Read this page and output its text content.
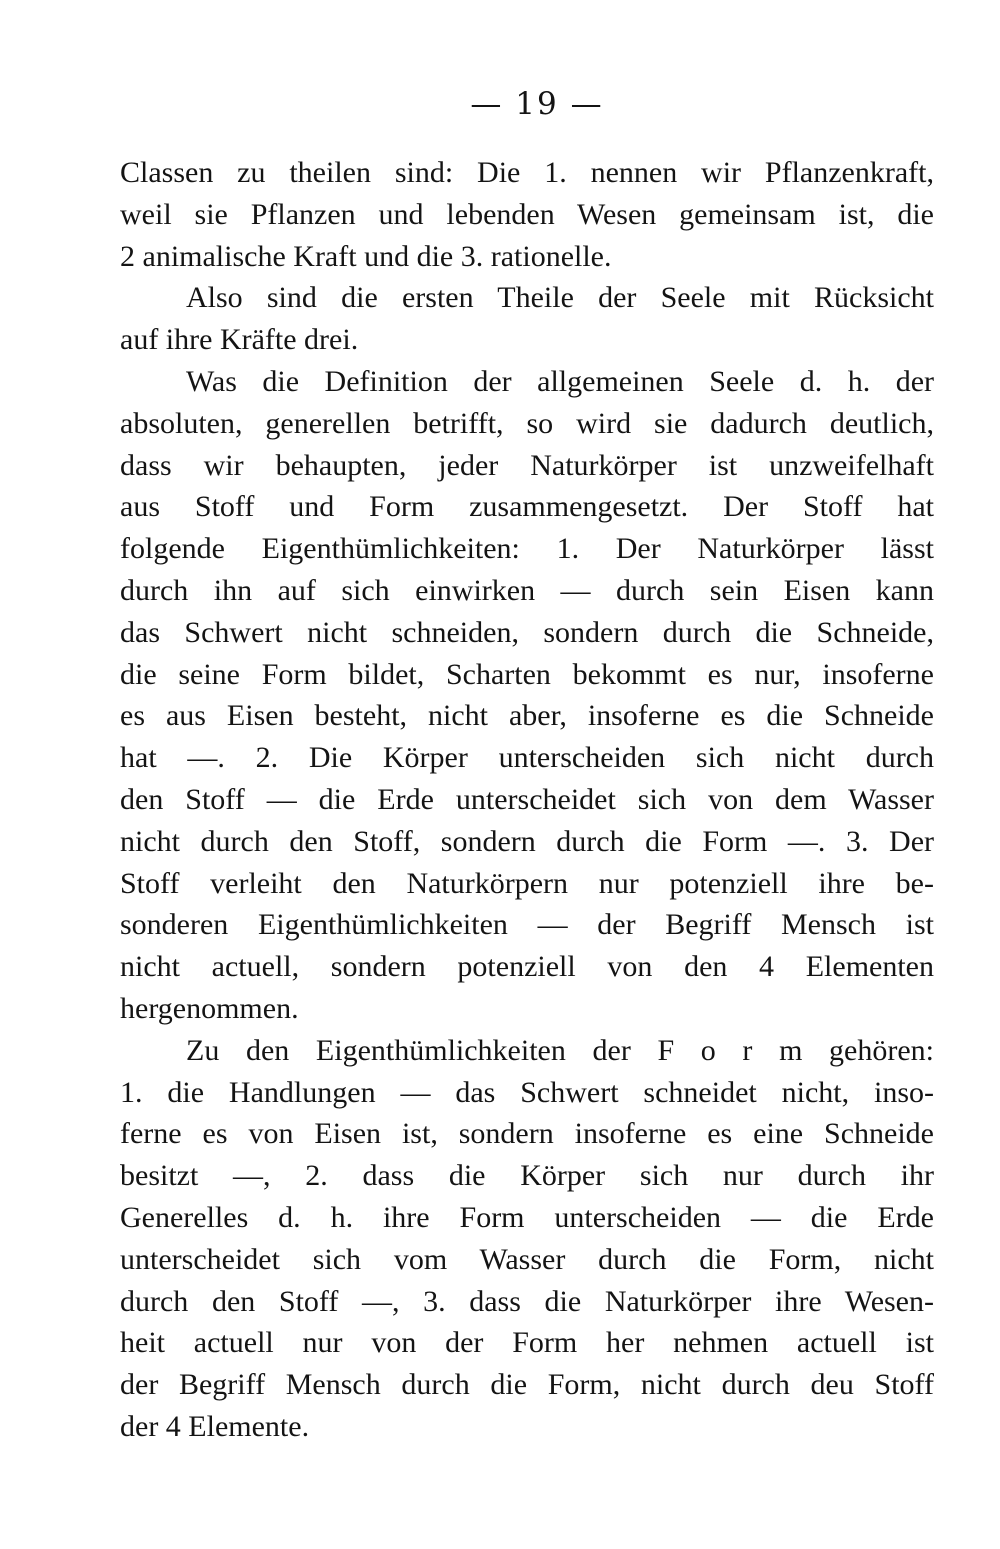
— 19 —
Classen zu theilen sind: Die 1. nennen wir Pflanzenkraft,
weil sie Pflanzen und lebenden Wesen gemeinsam ist, die
2 animalische Kraft und die 3. rationelle.
Also sind die ersten Theile der Seele mit Rücksicht
auf ihre Kräfte drei.
Was die Definition der allgemeinen Seele d. h. der
absoluten, generellen betrifft, so wird sie dadurch deutlich,
dass wir behaupten, jeder Naturkörper ist unzweifelhaft
aus Stoff und Form zusammengesetzt. Der Stoff hat
folgende Eigenthümlichkeiten: 1. Der Naturkörper lässt
durch ihn auf sich einwirken — durch sein Eisen kann
das Schwert nicht schneiden, sondern durch die Schneide,
die seine Form bildet, Scharten bekommt es nur, insoferne
es aus Eisen besteht, nicht aber, insoferne es die Schneide
hat —. 2. Die Körper unterscheiden sich nicht durch
den Stoff — die Erde unterscheidet sich von dem Wasser
nicht durch den Stoff, sondern durch die Form —. 3. Der
Stoff verleiht den Naturkörpern nur potenziell ihre be-
sonderen Eigenthümlichkeiten — der Begriff Mensch ist
nicht actuell, sondern potenziell von den 4 Elementen
hergenommen.
Zu den Eigenthümlichkeiten der F o r m gehören:
1. die Handlungen — das Schwert schneidet nicht, inso-
ferne es von Eisen ist, sondern insoferne es eine Schneide
besitzt —, 2. dass die Körper sich nur durch ihr
Generelles d. h. ihre Form unterscheiden — die Erde
unterscheidet sich vom Wasser durch die Form, nicht
durch den Stoff —, 3. dass die Naturkörper ihre Wesen-
heit actuell nur von der Form her nehmen actuell ist
der Begriff Mensch durch die Form, nicht durch deu Stoff
der 4 Elemente.
